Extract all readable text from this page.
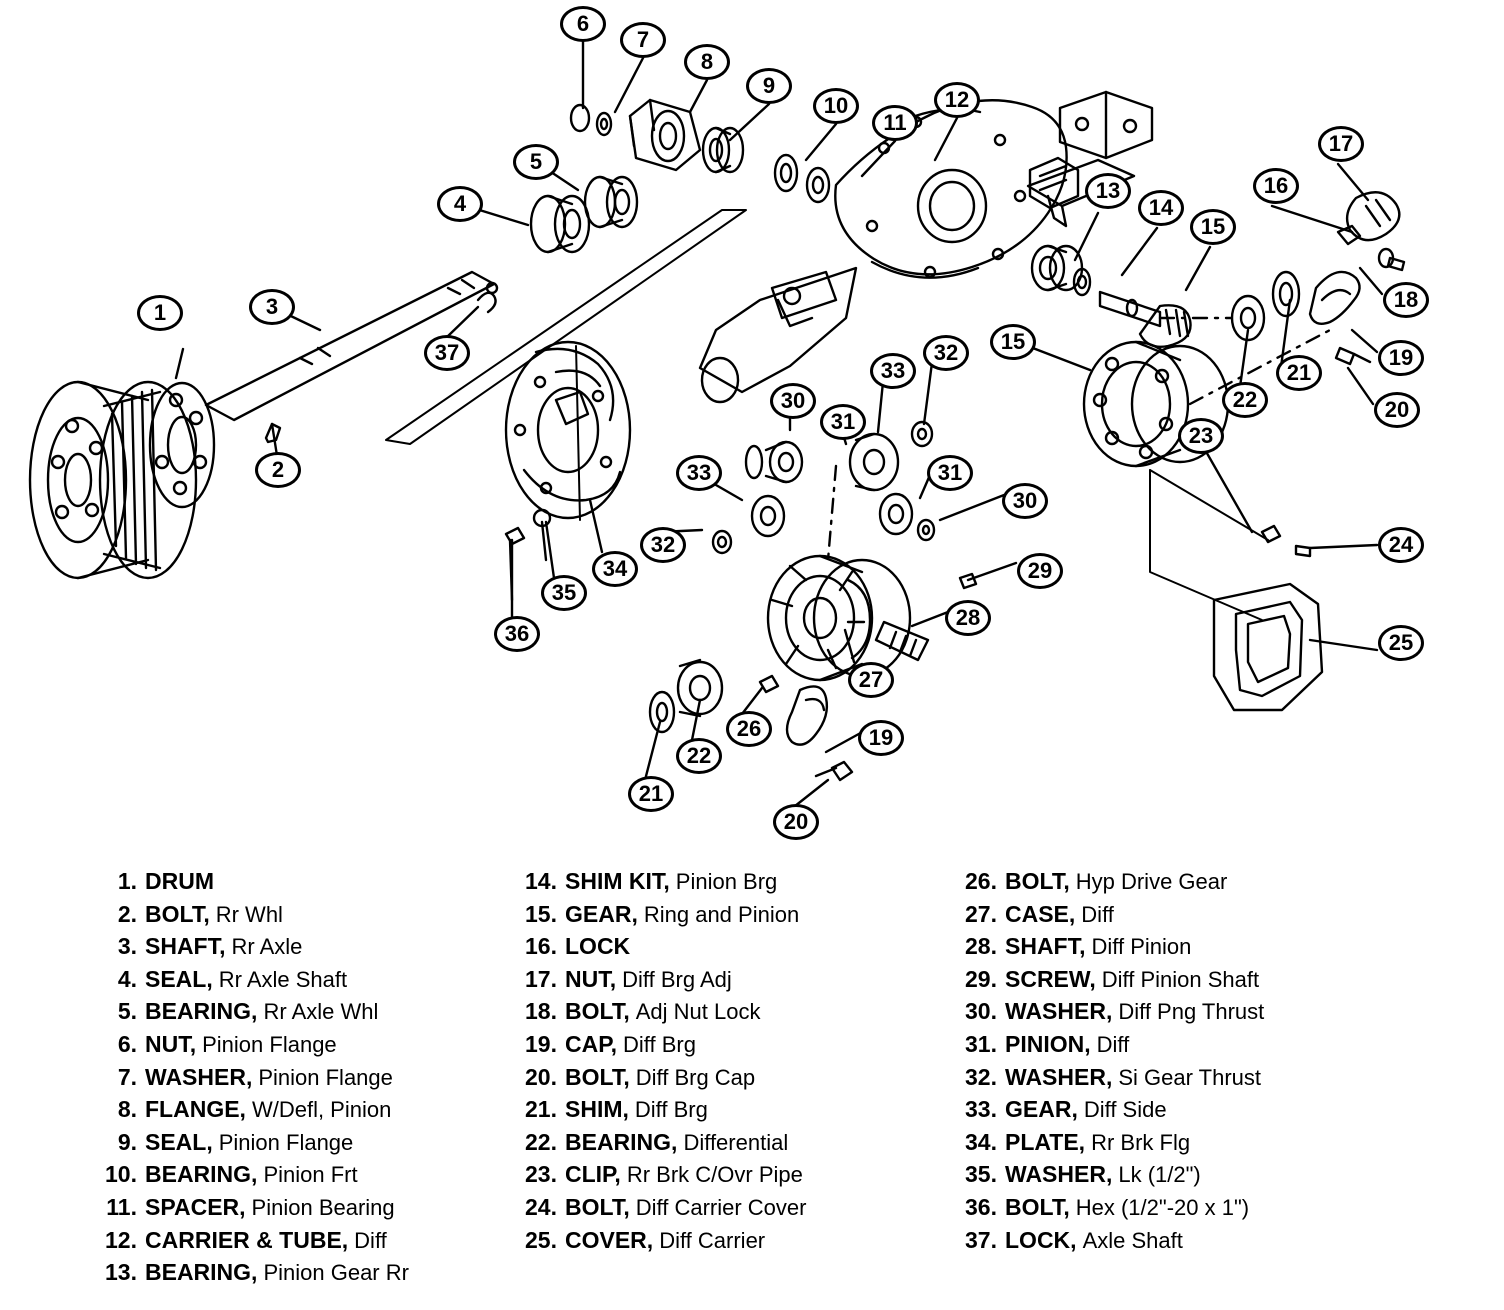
1
2
3
4
5
6
7
8
9
10
11
12
13
14
15
16
17
18
19
20
21
22
23
24
25
15
30
31
33
32
31
30
33
32
34
35
36
37
29
28
27
26
22
21
19
20
1. DRUM
2. BOLT, Rr Whl
3. SHAFT, Rr Axle
4. SEAL, Rr Axle Shaft
5. BEARING, Rr Axle Whl
6. NUT, Pinion Flange
7. WASHER, Pinion Flange
8. FLANGE, W/Defl, Pinion
9. SEAL, Pinion Flange
10. BEARING, Pinion Frt
11. SPACER, Pinion Bearing
12. CARRIER & TUBE, Diff
13. BEARING, Pinion Gear Rr
14. SHIM KIT, Pinion Brg
15. GEAR, Ring and Pinion
16. LOCK
17. NUT, Diff Brg Adj
18. BOLT, Adj Nut Lock
19. CAP, Diff Brg
20. BOLT, Diff Brg Cap
21. SHIM, Diff Brg
22. BEARING, Differential
23. CLIP, Rr Brk C/Ovr Pipe
24. BOLT, Diff Carrier Cover
25. COVER, Diff Carrier
26. BOLT, Hyp Drive Gear
27. CASE, Diff
28. SHAFT, Diff Pinion
29. SCREW, Diff Pinion Shaft
30. WASHER, Diff Png Thrust
31. PINION, Diff
32. WASHER, Si Gear Thrust
33. GEAR, Diff Side
34. PLATE, Rr Brk Flg
35. WASHER, Lk (1/2")
36. BOLT, Hex (1/2"-20 x 1")
37. LOCK, Axle Shaft
